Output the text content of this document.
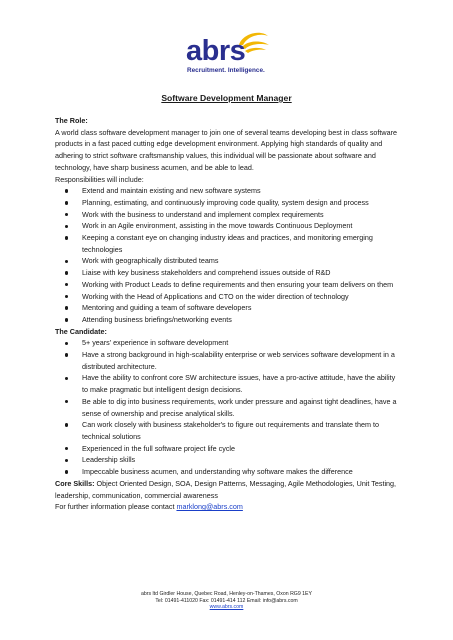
abrs
Recruitment. Intelligence.
Software Development Manager

The Role:

A world class software development manager to join one of several teams developing best in class software products in a fast paced cutting edge development environment. Applying high standards of quality and adhering to strict software craftsmanship values, this individual will be passionate about software and technology, have sharp business acumen, and be able to lead.

Responsibilities will include:

Extend and maintain existing and new software systems
Planning, estimating, and continuously improving code quality, system design and process
Work with the business to understand and implement complex requirements
Work in an Agile environment, assisting in the move towards Continuous Deployment
Keeping a constant eye on changing industry ideas and practices, and monitoring emerging technologies
Work with geographically distributed teams
Liaise with key business stakeholders and comprehend issues outside of R&D
Working with Product Leads to define requirements and then ensuring your team delivers on them
Working with the Head of Applications and CTO on the wider direction of technology
Mentoring and guiding a team of software developers
Attending business briefings/networking events

The Candidate:

5+ years' experience in software development
Have a strong background in high-scalability enterprise or web services software development in a distributed architecture.
Have the ability to confront core SW architecture issues, have a pro-active attitude, have the ability to make pragmatic but intelligent design decisions.
Be able to dig into business requirements, work under pressure and against tight deadlines, have a sense of ownership and precise analytical skills.
Can work closely with business stakeholder's to figure out requirements and translate them to technical solutions
Experienced in the full software project life cycle
Leadership skills
Impeccable business acumen, and understanding why software makes the difference

Core Skills: Object Oriented Design, SOA, Design Patterns, Messaging, Agile Methodologies, Unit Testing, leadership, communication, commercial awareness

For further information please contact marklong@abrs.com

abrs ltd Girdler House, Quebec Road, Henley-on-Thames, Oxon RG9 1EY
Tel: 01491-411020 Fax: 01491-414 112 Email: info@abrs.com
www.abrs.com
